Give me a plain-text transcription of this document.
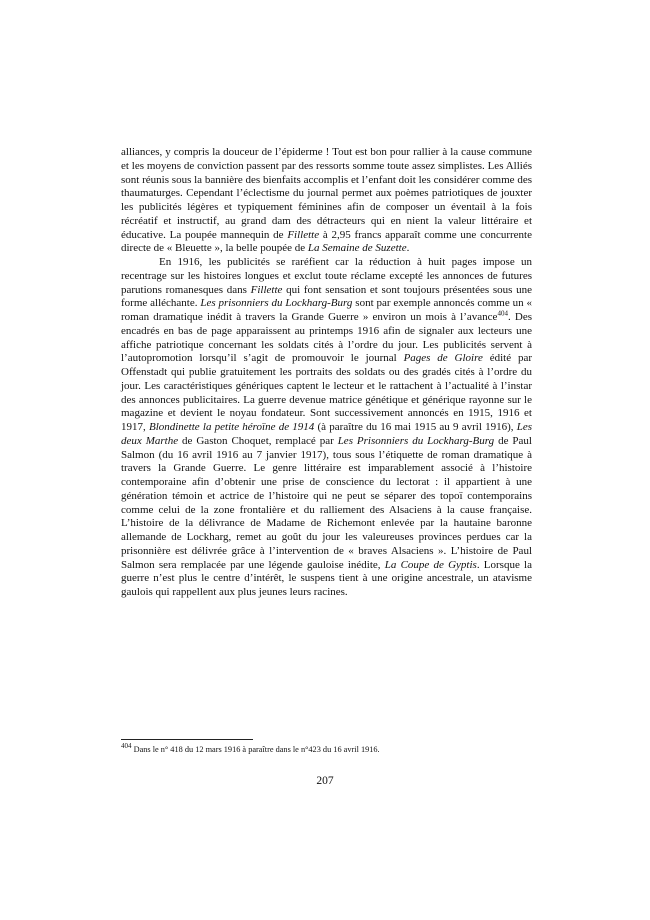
alliances, y compris la douceur de l’épiderme ! Tout est bon pour rallier à la cause commune et les moyens de conviction passent par des ressorts somme toute assez simplistes. Les Alliés sont réunis sous la bannière des bienfaits accomplis et l’enfant doit les considérer comme des thaumaturges. Cependant l’éclectisme du journal permet aux poèmes patriotiques de jouxter les publicités légères et typiquement féminines afin de composer un éventail à la fois récréatif et instructif, au grand dam des détracteurs qui en nient la valeur littéraire et éducative. La poupée mannequin de Fillette à 2,95 francs apparaît comme une concurrente directe de « Bleuette », la belle poupée de La Semaine de Suzette.

En 1916, les publicités se raréfient car la réduction à huit pages impose un recentrage sur les histoires longues et exclut toute réclame excepté les annonces de futures parutions romanesques dans Fillette qui font sensation et sont toujours présentées sous une forme alléchante. Les prisonniers du Lockharg-Burg sont par exemple annoncés comme un « roman dramatique inédit à travers la Grande Guerre » environ un mois à l’avance$^{404}$. Des encadrés en bas de page apparaissent au printemps 1916 afin de signaler aux lecteurs une affiche patriotique concernant les soldats cités à l’ordre du jour. Les publicités servent à l’autopromotion lorsqu’il s’agit de promouvoir le journal Pages de Gloire édité par Offenstadt qui publie gratuitement les portraits des soldats ou des gradés cités à l’ordre du jour. Les caractéristiques génériques captent le lecteur et le rattachent à l’actualité à l’instar des annonces publicitaires. La guerre devenue matrice génétique et générique rayonne sur le magazine et devient le noyau fondateur. Sont successivement annoncés en 1915, 1916 et 1917, Blondinette la petite héroïne de 1914 (à paraître du 16 mai 1915 au 9 avril 1916), Les deux Marthe de Gaston Choquet, remplacé par Les Prisonniers du Lockharg-Burg de Paul Salmon (du 16 avril 1916 au 7 janvier 1917), tous sous l’étiquette de roman dramatique à travers la Grande Guerre. Le genre littéraire est imparablement associé à l’histoire contemporaine afin d’obtenir une prise de conscience du lectorat : il appartient à une génération témoin et actrice de l’histoire qui ne peut se séparer des topoï contemporains comme celui de la zone frontalière et du ralliement des Alsaciens à la cause française. L’histoire de la délivrance de Madame de Richemont enlevée par la hautaine baronne allemande de Lockharg, remet au goût du jour les valeureuses provinces perdues car la prisonnière est délivrée grâce à l’intervention de « braves Alsaciens ». L’histoire de Paul Salmon sera remplacée par une légende gauloise inédite, La Coupe de Gyptis. Lorsque la guerre n’est plus le centre d’intérêt, le suspens tient à une origine ancestrale, un atavisme gaulois qui rappellent aux plus jeunes leurs racines.

$^{404}$ Dans le n° 418 du 12 mars 1916 à paraître dans le n°423 du 16 avril 1916.
207
